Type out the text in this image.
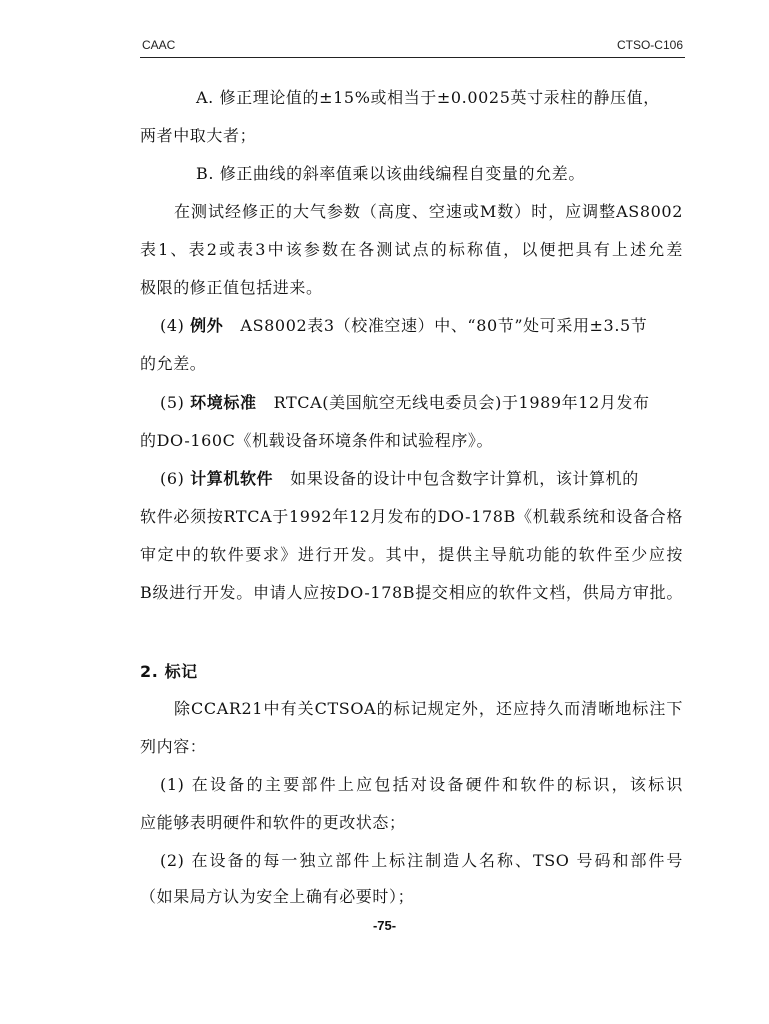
CAAC	CTSO-C106
A. 修正理论值的±15%或相当于±0.0025英寸汞柱的静压值，
两者中取大者；
B. 修正曲线的斜率值乘以该曲线编程自变量的允差。
在测试经修正的大气参数（高度、空速或M数）时，应调整AS8002
表1、表2或表3中该参数在各测试点的标称值，以便把具有上述允差
极限的修正值包括进来。
(4) 例外 AS8002表3（校准空速）中、“80节”处可采用±3.5节
的允差。
(5) 环境标准 RTCA(美国航空无线电委员会)于1989年12月发布
的DO-160C《机载设备环境条件和试验程序》。
(6) 计算机软件 如果设备的设计中包含数字计算机，该计算机的
软件必须按RTCA于1992年12月发布的DO-178B《机载系统和设备合格
审定中的软件要求》进行开发。其中，提供主导航功能的软件至少应按
B级进行开发。申请人应按DO-178B提交相应的软件文档，供局方审批。
2. 标记
除CCAR21中有关CTSOA的标记规定外，还应持久而清晰地标注下
列内容：
(1) 在设备的主要部件上应包括对设备硬件和软件的标识，该标识
应能够表明硬件和软件的更改状态；
(2) 在设备的每一独立部件上标注制造人名称、TSO 号码和部件号
（如果局方认为安全上确有必要时）；
-75-
